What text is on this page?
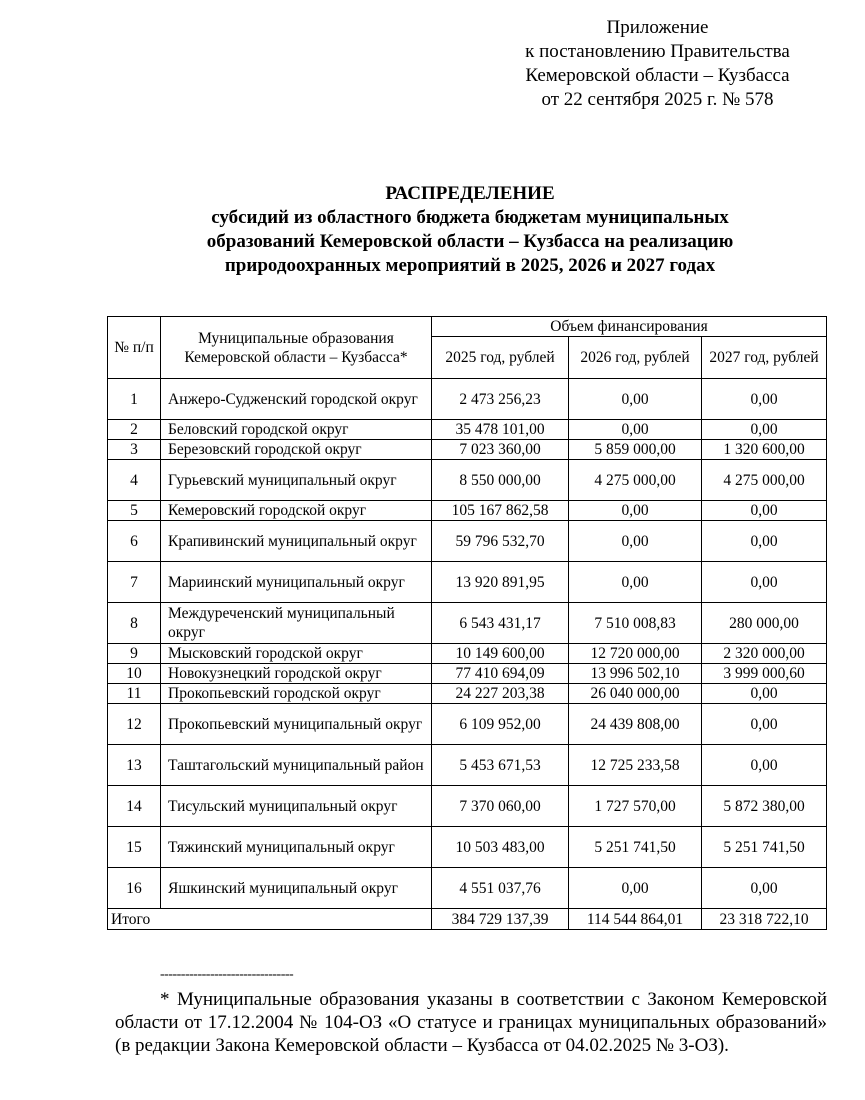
Приложение
к постановлению Правительства
Кемеровской области – Кузбасса
от 22 сентября 2025 г. № 578
РАСПРЕДЕЛЕНИЕ
субсидий из областного бюджета бюджетам муниципальных
образований Кемеровской области – Кузбасса на реализацию
природоохранных мероприятий в 2025, 2026 и 2027 годах
№ п/п	Муниципальные образования Кемеровской области – Кузбасса*	Объем финансирования		
		2025 год, рублей	2026 год, рублей	2027 год, рублей
1	Анжеро-Судженский городской округ	2 473 256,23	0,00	0,00
2	Беловский городской округ	35 478 101,00	0,00	0,00
3	Березовский городской округ	7 023 360,00	5 859 000,00	1 320 600,00
4	Гурьевский муниципальный округ	8 550 000,00	4 275 000,00	4 275 000,00
5	Кемеровский городской округ	105 167 862,58	0,00	0,00
6	Крапивинский муниципальный округ	59 796 532,70	0,00	0,00
7	Мариинский муниципальный округ	13 920 891,95	0,00	0,00
8	Междуреченский муниципальный округ	6 543 431,17	7 510 008,83	280 000,00
9	Мысковский городской округ	10 149 600,00	12 720 000,00	2 320 000,00
10	Новокузнецкий городской округ	77 410 694,09	13 996 502,10	3 999 000,60
11	Прокопьевский городской округ	24 227 203,38	26 040 000,00	0,00
12	Прокопьевский муниципальный округ	6 109 952,00	24 439 808,00	0,00
13	Таштагольский муниципальный район	5 453 671,53	12 725 233,58	0,00
14	Тисульский муниципальный округ	7 370 060,00	1 727 570,00	5 872 380,00
15	Тяжинский муниципальный округ	10 503 483,00	5 251 741,50	5 251 741,50
16	Яшкинский муниципальный округ	4 551 037,76	0,00	0,00
Итого		384 729 137,39	114 544 864,01	23 318 722,10
--------------------------------
* Муниципальные образования указаны в соответствии с Законом Кемеровской области от 17.12.2004 № 104-ОЗ «О статусе и границах муниципальных образований» (в редакции Закона Кемеровской области – Кузбасса от 04.02.2025 № 3-ОЗ).
